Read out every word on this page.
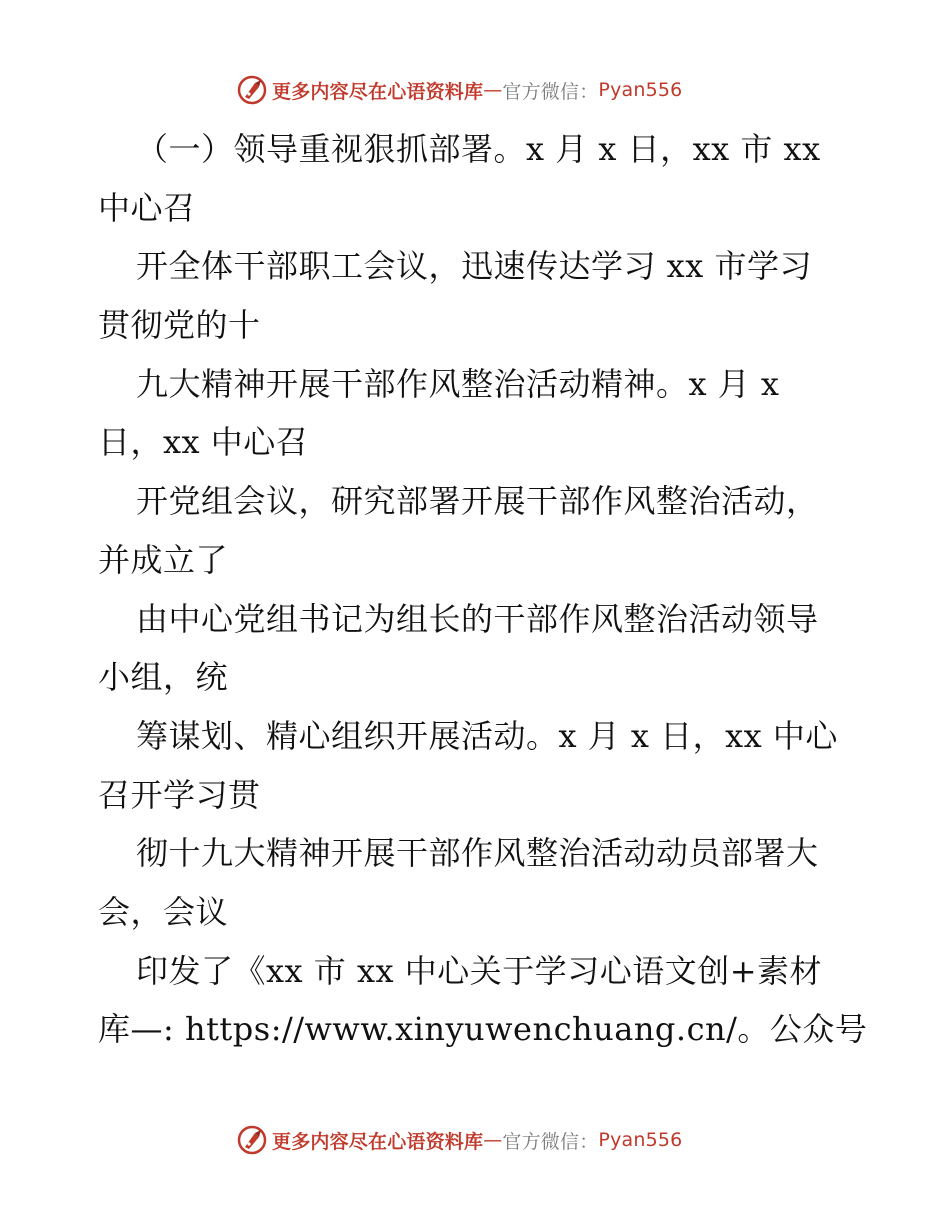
更多内容尽在心语资料库 — 官方微信： Pyan556
（一）领导重视狠抓部署。x 月 x 日，xx 市 xx
中心召
开全体干部职工会议，迅速传达学习 xx 市学习
贯彻党的十
九大精神开展干部作风整治活动精神。x 月 x
日，xx 中心召
开党组会议，研究部署开展干部作风整治活动，
并成立了
由中心党组书记为组长的干部作风整治活动领导
小组，统
筹谋划、精心组织开展活动。x 月 x 日，xx 中心
召开学习贯
彻十九大精神开展干部作风整治活动动员部署大
会，会议
印发了《xx 市 xx 中心关于学习心语文创+素材
库—: https://www.xinyuwenchuang.cn/。公众号
更多内容尽在心语资料库 — 官方微信： Pyan556
